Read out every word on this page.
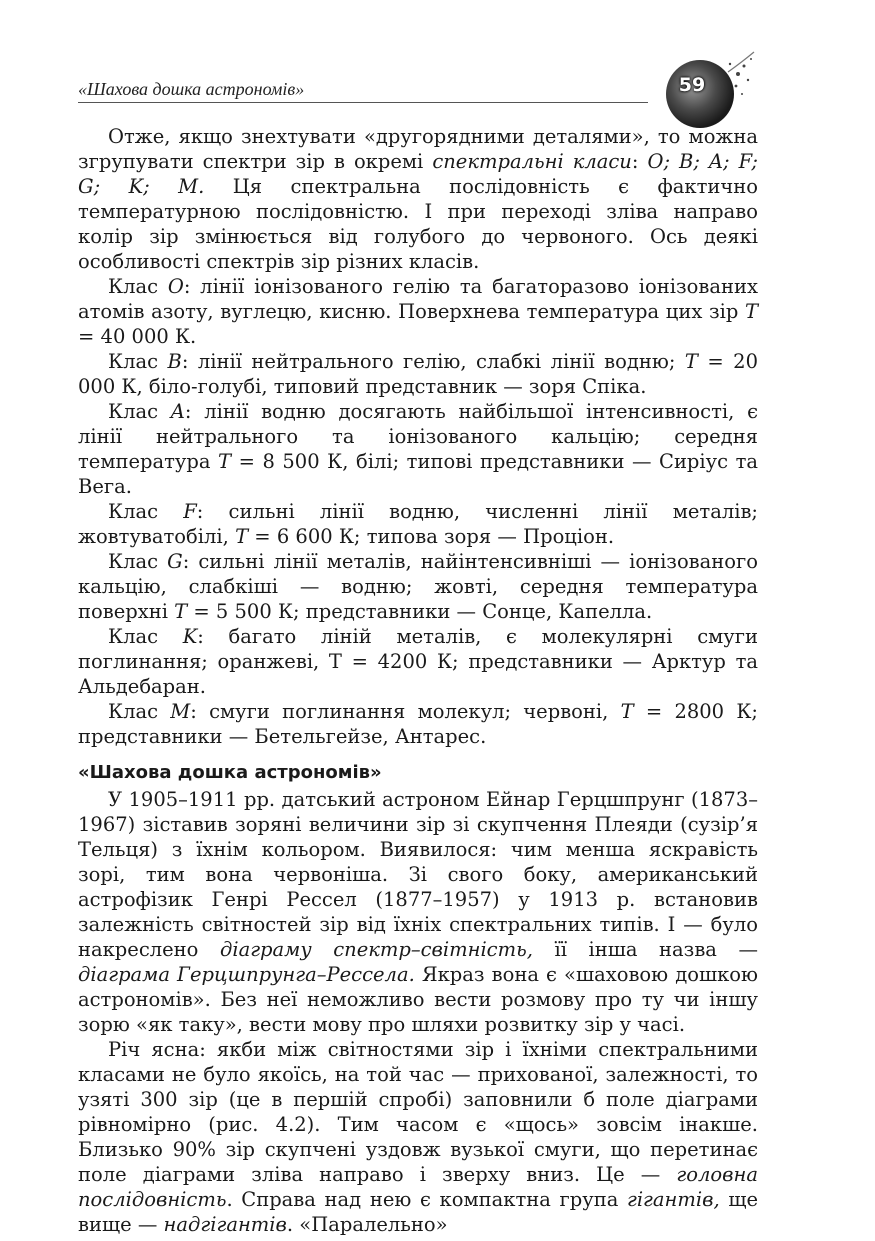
«Шахова дошка астрономів»	59

Отже, якщо знехтувати «другорядними деталями», то можна згрупувати спектри зір в окремі спектральні класи: O; B; A; F; G; K; M. Ця спектральна послідовність є фактично температурною послідовністю. І при переході зліва направо колір зір змінюється від голубого до червоного. Ось деякі особливості спектрів зір різних класів.

Клас O: лінії іонізованого гелію та багаторазово іонізованих атомів азоту, вуглецю, кисню. Поверхнева температура цих зір T = 40 000 К.

Клас B: лінії нейтрального гелію, слабкі лінії водню; T = 20 000 К, біло-голубі, типовий представник — зоря Спіка.

Клас A: лінії водню досягають найбільшої інтенсивності, є лінії нейтрального та іонізованого кальцію; середня температура T = 8 500 К, білі; типові представники — Сиріус та Вега.

Клас F: сильні лінії водню, численні лінії металів; жовтуватобілі, T = 6 600 К; типова зоря — Проціон.

Клас G: сильні лінії металів, найінтенсивніші — іонізованого кальцію, слабкіші — водню; жовті, середня температура поверхні T = 5 500 К; представники — Сонце, Капелла.

Клас K: багато ліній металів, є молекулярні смуги поглинання; оранжеві, Т = 4200 К; представники — Арктур та Альдебаран.

Клас M: смуги поглинання молекул; червоні, T = 2800 К; представники — Бетельгейзе, Антарес.

«Шахова дошка астрономів»

У 1905–1911 рр. датський астроном Ейнар Герцшпрунг (1873–1967) зіставив зоряні величини зір зі скупчення Плеяди (сузір’я Тельця) з їхнім кольором. Виявилося: чим менша яскравість зорі, тим вона червоніша. Зі свого боку, американський астрофізик Генрі Рессел (1877–1957) у 1913 р. встановив залежність світностей зір від їхніх спектральних типів. І — було накреслено діаграму спектр–світність, її інша назва — діаграма Герцшпрунга–Рессела. Якраз вона є «шаховою дошкою астрономів». Без неї неможливо вести розмову про ту чи іншу зорю «як таку», вести мову про шляхи розвитку зір у часі.

Річ ясна: якби між світностями зір і їхніми спектральними класами не було якоїсь, на той час — прихованої, залежності, то узяті 300 зір (це в першій спробі) заповнили б поле діаграми рівномірно (рис. 4.2). Тим часом є «щось» зовсім інакше. Близько 90% зір скупчені уздовж вузької смуги, що перетинає поле діаграми зліва направо і зверху вниз. Це — головна послідовність. Справа над нею є компактна група гігантів, ще вище — надгігантів. «Паралельно»
